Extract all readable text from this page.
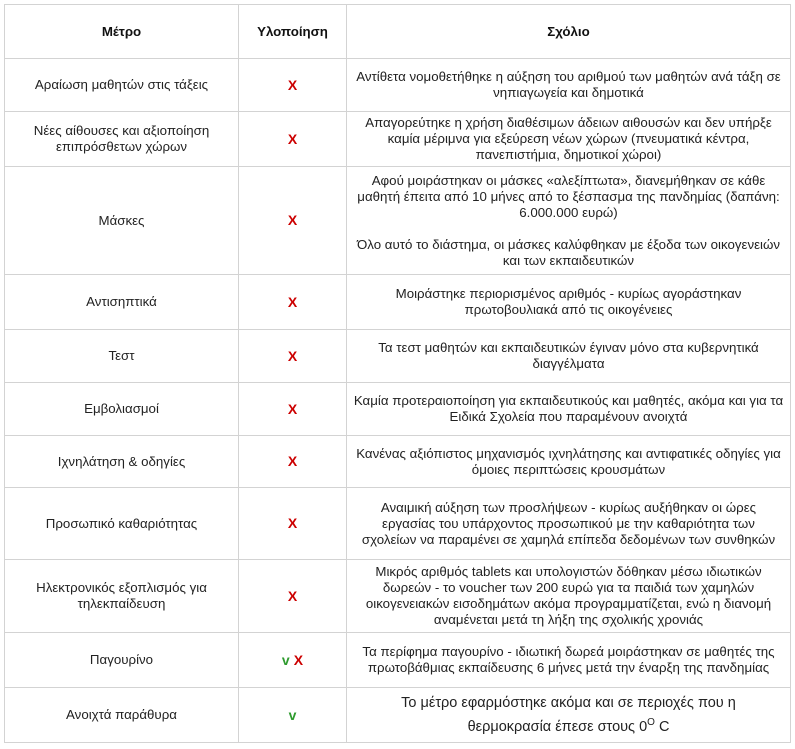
Μέτρο	Υλοποίηση	Σχόλιο
Αραίωση μαθητών στις τάξεις	X	Αντίθετα νομοθετήθηκε η αύξηση του αριθμού των μαθητών ανά τάξη σε νηπιαγωγεία και δημοτικά
Νέες αίθουσες και αξιοποίηση επιπρόσθετων χώρων	X	Απαγορεύτηκε η χρήση διαθέσιμων άδειων αιθουσών και δεν υπήρξε καμία μέριμνα για εξεύρεση νέων χώρων (πνευματικά κέντρα, πανεπιστήμια, δημοτικοί χώροι)
Μάσκες	X	Αφού μοιράστηκαν οι μάσκες «αλεξίπτωτα», διανεμήθηκαν σε κάθε μαθητή έπειτα από 10 μήνες από το ξέσπασμα της πανδημίας (δαπάνη: 6.000.000 ευρώ)
Όλο αυτό το διάστημα, οι μάσκες καλύφθηκαν με έξοδα των οικογενειών και των εκπαιδευτικών
Αντισηπτικά	X	Μοιράστηκε περιορισμένος αριθμός - κυρίως αγοράστηκαν πρωτοβουλιακά από τις οικογένειες
Τεστ	X	Τα τεστ μαθητών και εκπαιδευτικών έγιναν μόνο στα κυβερνητικά διαγγέλματα
Εμβολιασμοί	X	Καμία προτεραιοποίηση για εκπαιδευτικούς και μαθητές, ακόμα και για τα Ειδικά Σχολεία που παραμένουν ανοιχτά
Ιχνηλάτηση & οδηγίες	X	Κανένας αξιόπιστος μηχανισμός ιχνηλάτησης και αντιφατικές οδηγίες για όμοιες περιπτώσεις κρουσμάτων
Προσωπικό καθαριότητας	X	Αναιμική αύξηση των προσλήψεων - κυρίως αυξήθηκαν οι ώρες εργασίας του υπάρχοντος προσωπικού με την καθαριότητα των σχολείων να παραμένει σε χαμηλά επίπεδα δεδομένων των συνθηκών
Ηλεκτρονικός εξοπλισμός για τηλεκπαίδευση	X	Μικρός αριθμός tablets και υπολογιστών δόθηκαν μέσω ιδιωτικών δωρεών - το voucher των 200 ευρώ για τα παιδιά των χαμηλών οικογενειακών εισοδημάτων ακόμα προγραμματίζεται, ενώ η διανομή αναμένεται μετά τη λήξη της σχολικής χρονιάς
Παγουρίνο	v X	Τα περίφημα παγουρίνο - ιδιωτική δωρεά μοιράστηκαν σε μαθητές της πρωτοβάθμιας εκπαίδευσης 6 μήνες μετά την έναρξη της πανδημίας
Ανοιχτά παράθυρα	v	Το μέτρο εφαρμόστηκε ακόμα και σε περιοχές που η
θερμοκρασία έπεσε στους $0^O$ C
